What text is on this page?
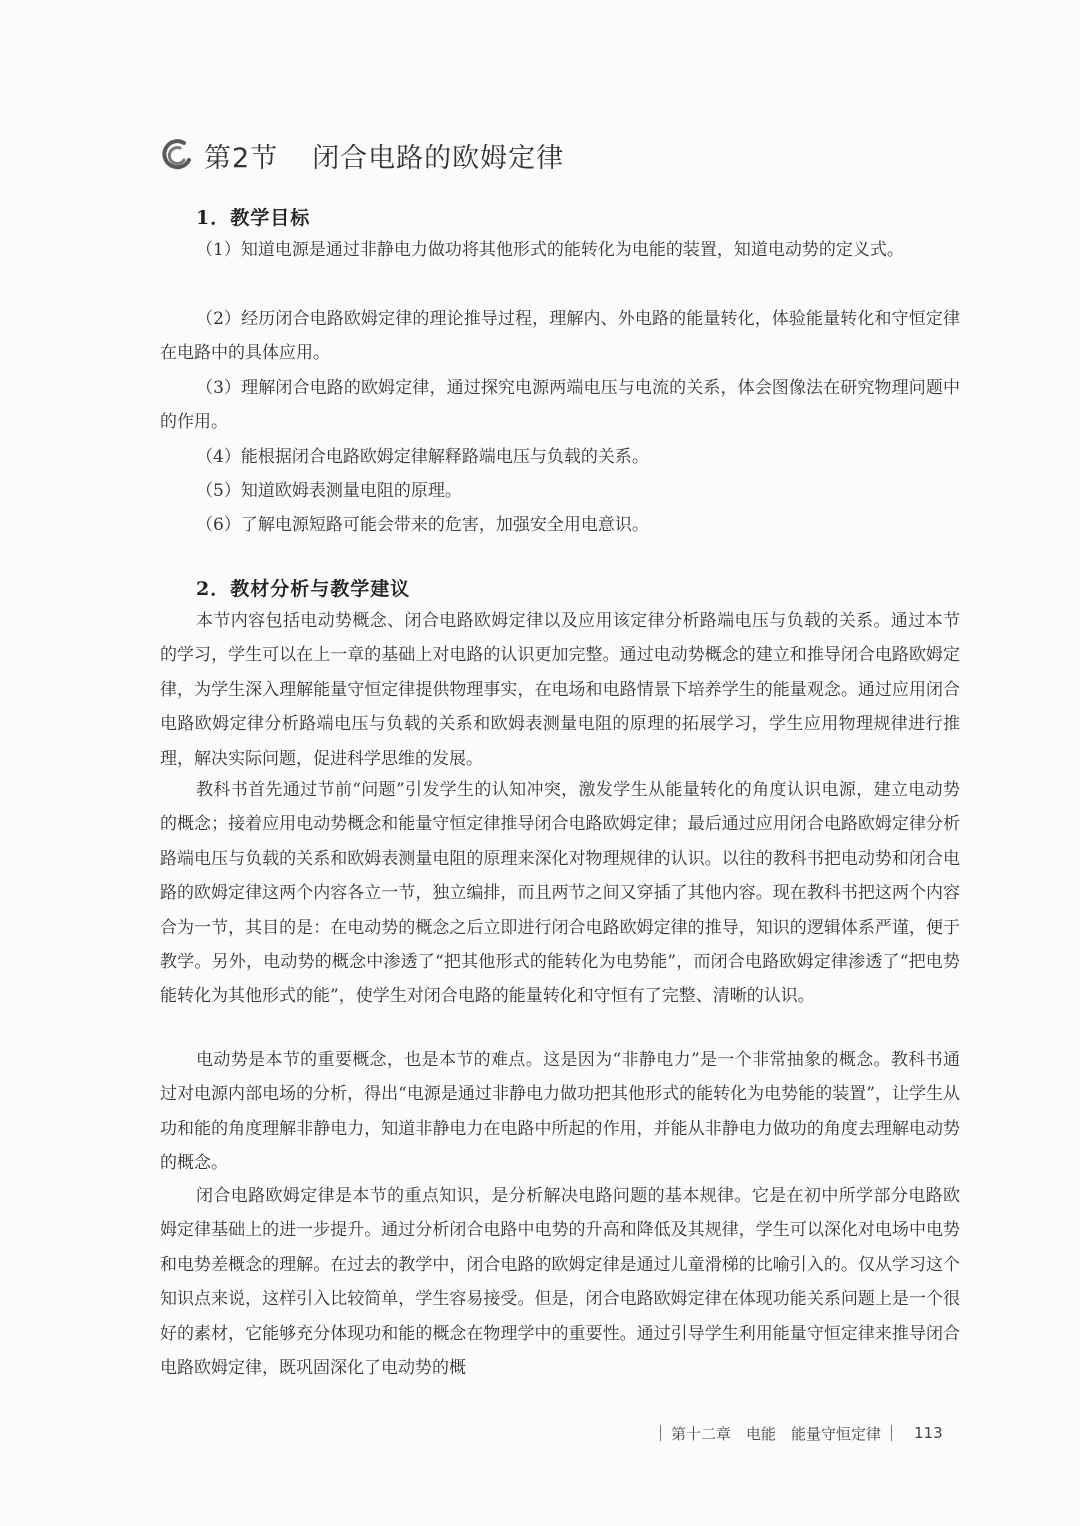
第2节 闭合电路的欧姆定律
1．教学目标

（1）知道电源是通过非静电力做功将其他形式的能转化为电能的装置，知道电动势的定义式。

（2）经历闭合电路欧姆定律的理论推导过程，理解内、外电路的能量转化，体验能量转化和守恒定律在电路中的具体应用。

（3）理解闭合电路的欧姆定律，通过探究电源两端电压与电流的关系，体会图像法在研究物理问题中的作用。

（4）能根据闭合电路欧姆定律解释路端电压与负载的关系。

（5）知道欧姆表测量电阻的原理。

（6）了解电源短路可能会带来的危害，加强安全用电意识。

2．教材分析与教学建议

本节内容包括电动势概念、闭合电路欧姆定律以及应用该定律分析路端电压与负载的关系。通过本节的学习，学生可以在上一章的基础上对电路的认识更加完整。通过电动势概念的建立和推导闭合电路欧姆定律，为学生深入理解能量守恒定律提供物理事实，在电场和电路情景下培养学生的能量观念。通过应用闭合电路欧姆定律分析路端电压与负载的关系和欧姆表测量电阻的原理的拓展学习，学生应用物理规律进行推理，解决实际问题，促进科学思维的发展。

教科书首先通过节前“问题”引发学生的认知冲突，激发学生从能量转化的角度认识电源，建立电动势的概念；接着应用电动势概念和能量守恒定律推导闭合电路欧姆定律；最后通过应用闭合电路欧姆定律分析路端电压与负载的关系和欧姆表测量电阻的原理来深化对物理规律的认识。以往的教科书把电动势和闭合电路的欧姆定律这两个内容各立一节，独立编排，而且两节之间又穿插了其他内容。现在教科书把这两个内容合为一节，其目的是：在电动势的概念之后立即进行闭合电路欧姆定律的推导，知识的逻辑体系严谨，便于教学。另外，电动势的概念中渗透了“把其他形式的能转化为电势能”，而闭合电路欧姆定律渗透了“把电势能转化为其他形式的能”，使学生对闭合电路的能量转化和守恒有了完整、清晰的认识。

电动势是本节的重要概念，也是本节的难点。这是因为“非静电力”是一个非常抽象的概念。教科书通过对电源内部电场的分析，得出“电源是通过非静电力做功把其他形式的能转化为电势能的装置”，让学生从功和能的角度理解非静电力，知道非静电力在电路中所起的作用，并能从非静电力做功的角度去理解电动势的概念。

闭合电路欧姆定律是本节的重点知识，是分析解决电路问题的基本规律。它是在初中所学部分电路欧姆定律基础上的进一步提升。通过分析闭合电路中电势的升高和降低及其规律，学生可以深化对电场中电势和电势差概念的理解。在过去的教学中，闭合电路的欧姆定律是通过儿童滑梯的比喻引入的。仅从学习这个知识点来说，这样引入比较简单，学生容易接受。但是，闭合电路欧姆定律在体现功能关系问题上是一个很好的素材，它能够充分体现功和能的概念在物理学中的重要性。通过引导学生利用能量守恒定律来推导闭合电路欧姆定律，既巩固深化了电动势的概

第十二章　电能　能量守恒定律 113
